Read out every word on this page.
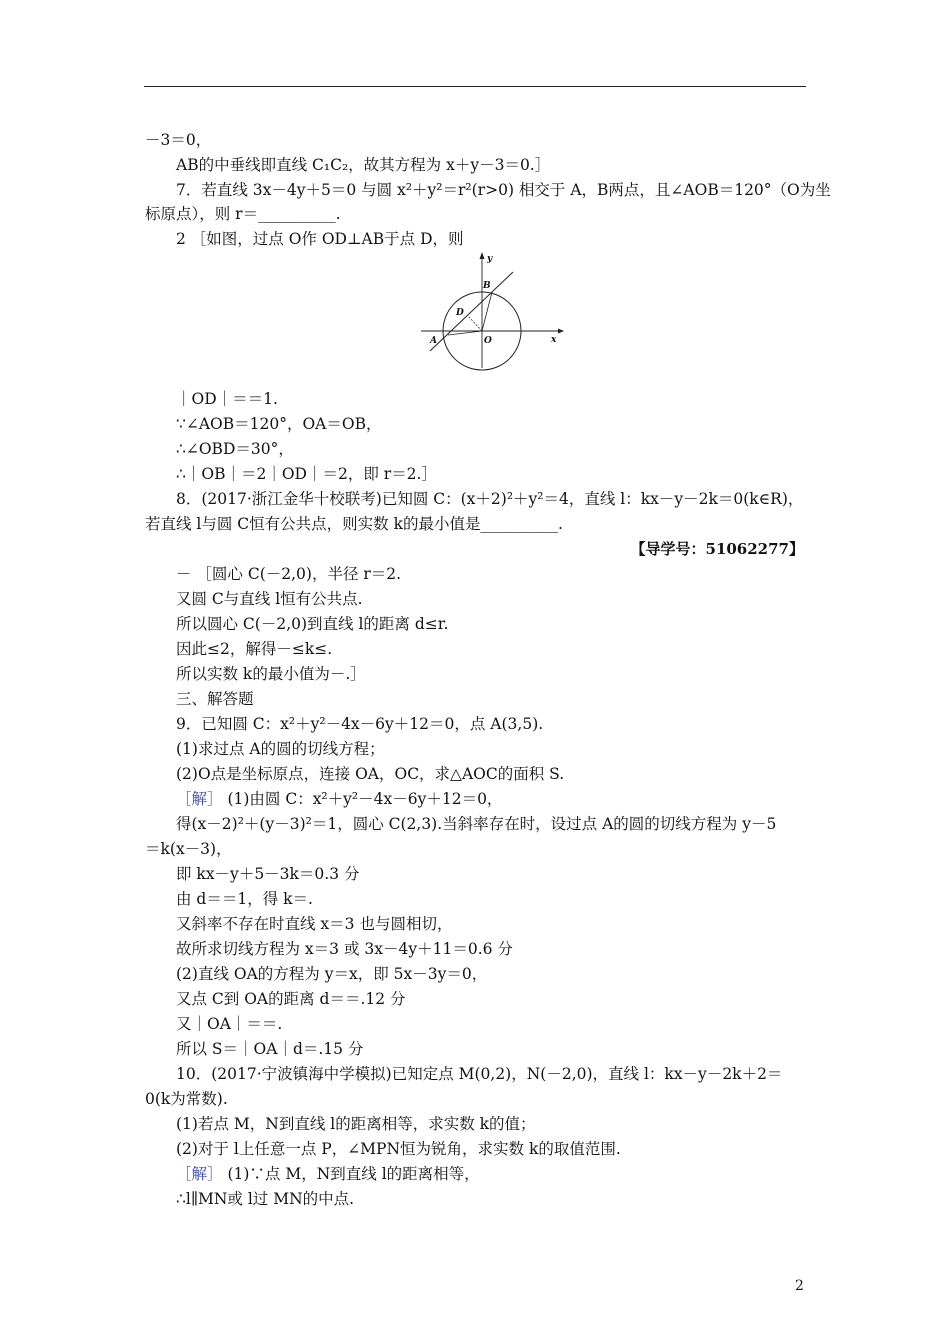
－3＝0，
AB的中垂线即直线 C₁C₂，故其方程为 x＋y－3＝0.］
7．若直线 3x－4y＋5＝0 与圆 x²＋y²＝r²(r>0) 相交于 A，B两点，且∠AOB＝120°（O为坐
标原点），则 r＝__________.
2 ［如图，过点 O作 OD⊥AB于点 D，则
y
x
B
D
A	O
｜OD｜＝＝1.
∵∠AOB＝120°，OA＝OB，
∴∠OBD＝30°，
∴｜OB｜＝2｜OD｜＝2，即 r＝2.］
8．(2017·浙江金华十校联考)已知圆 C：(x＋2)²＋y²＝4，直线 l：kx－y－2k＝0(k∈R)，
若直线 l与圆 C恒有公共点，则实数 k的最小值是__________.
【导学号：51062277】
－ ［圆心 C(－2,0)，半径 r＝2.
又圆 C与直线 l恒有公共点.
所以圆心 C(－2,0)到直线 l的距离 d≤r.
因此≤2，解得－≤k≤.
所以实数 k的最小值为－.］
三、解答题
9．已知圆 C：x²＋y²－4x－6y＋12＝0，点 A(3,5).
(1)求过点 A的圆的切线方程；
(2)O点是坐标原点，连接 OA，OC，求△AOC的面积 S.
［解］ (1)由圆 C：x²＋y²－4x－6y＋12＝0，
得(x－2)²＋(y－3)²＝1，圆心 C(2,3).当斜率存在时，设过点 A的圆的切线方程为 y－5
＝k(x－3)，
即 kx－y＋5－3k＝0.3 分
由 d＝＝1，得 k＝.
又斜率不存在时直线 x＝3 也与圆相切，
故所求切线方程为 x＝3 或 3x－4y＋11＝0.6 分
(2)直线 OA的方程为 y＝x，即 5x－3y＝0，
又点 C到 OA的距离 d＝＝.12 分
又｜OA｜＝＝.
所以 S＝｜OA｜d＝.15 分
10．(2017·宁波镇海中学模拟)已知定点 M(0,2)，N(－2,0)，直线 l：kx－y－2k＋2＝
0(k为常数).
(1)若点 M，N到直线 l的距离相等，求实数 k的值；
(2)对于 l上任意一点 P，∠MPN恒为锐角，求实数 k的取值范围.
［解］ (1)∵点 M，N到直线 l的距离相等，
∴l∥MN或 l过 MN的中点.
2
